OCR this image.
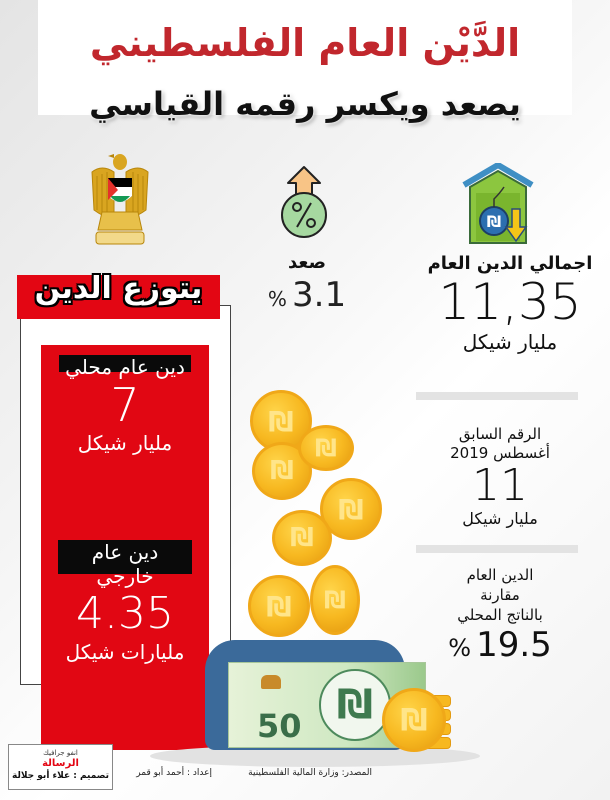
الدَّيْن العام الفلسطيني
يصعد ويكسر رقمه القياسي
₪
صعد
% 3.1
اجمالي الدين العام
11,35
مليار شيكل
الرقم السابق
أغسطس 2019
11
مليار شيكل
الدين العام
مقارنة
بالناتج المحلي
% 19.5
يتوزع الدين
دين عام محلي
7
مليار شيكل
دين عام خارجي
4.35
مليارات شيكل
₪
₪
₪
₪
₪
₪	₪
50 ₪ ₪
انفو جرافيك
الرسالة
تصميم : علاء أبو جلالة	إعداد : أحمد أبو قمر	المصدر: وزارة المالية الفلسطينية
